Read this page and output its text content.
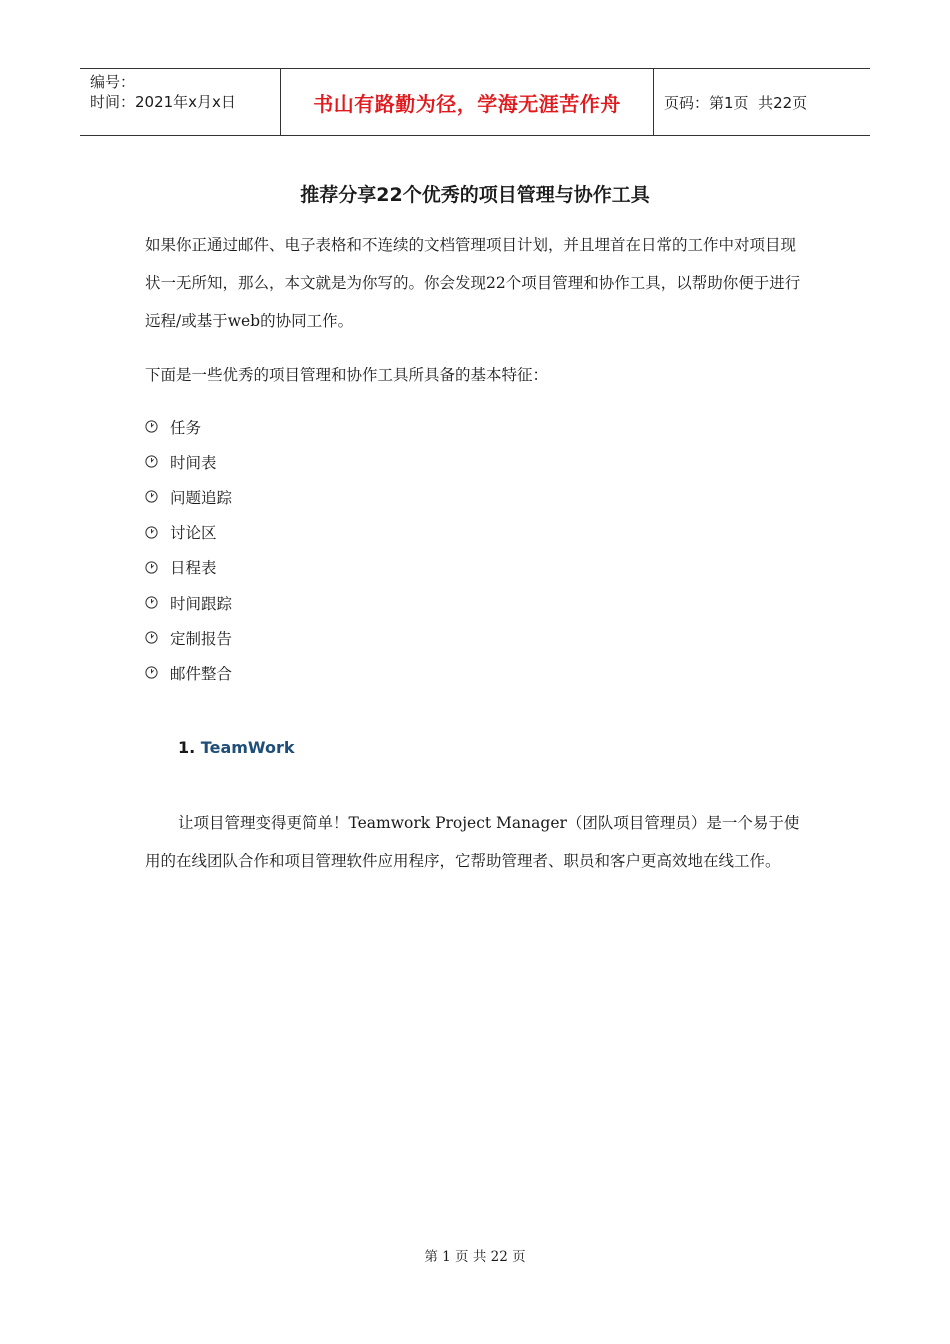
编号：
时间：2021年x月x日	书山有路勤为径，学海无涯苦作舟	页码：第1页  共22页
推荐分享22个优秀的项目管理与协作工具
如果你正通过邮件、电子表格和不连续的文档管理项目计划，并且埋首在日常的工作中对项目现状一无所知，那么，本文就是为你写的。你会发现22个项目管理和协作工具，以帮助你便于进行远程/或基于web的协同工作。
下面是一些优秀的项目管理和协作工具所具备的基本特征：
任务
时间表
问题追踪
讨论区
日程表
时间跟踪
定制报告
邮件整合
1. TeamWork
让项目管理变得更简单！Teamwork Project Manager（团队项目管理员）是一个易于使用的在线团队合作和项目管理软件应用程序，它帮助管理者、职员和客户更高效地在线工作。
第 1 页 共 22 页
